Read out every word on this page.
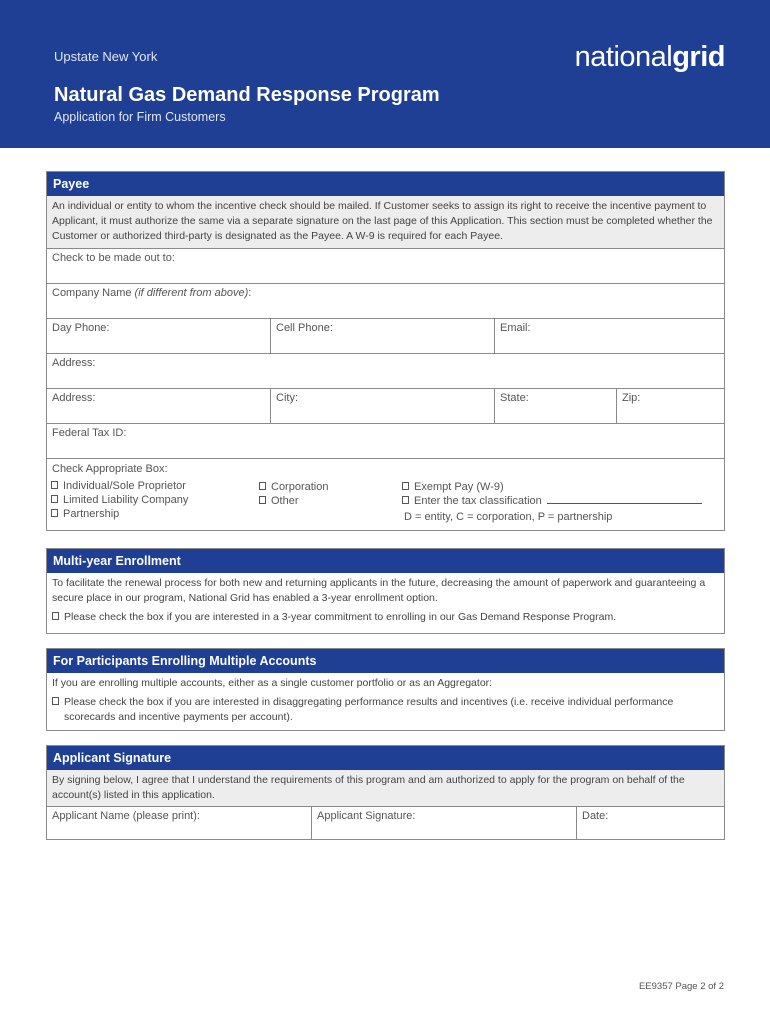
Upstate New York	nationalgrid
Natural Gas Demand Response Program
Application for Firm Customers
Payee
An individual or entity to whom the incentive check should be mailed. If Customer seeks to assign its right to receive the incentive payment to Applicant, it must authorize the same via a separate signature on the last page of this Application. This section must be completed whether the Customer or authorized third-party is designated as the Payee. A W-9 is required for each Payee.
Check to be made out to:
Company Name (if different from above):
Day Phone:	Cell Phone:	Email:
Address:
Address:	City:	State:	Zip:
Federal Tax ID:
Check Appropriate Box:
Individual/Sole Proprietor
Limited Liability Company
Partnership
Corporation
Other
Exempt Pay (W-9)
Enter the tax classification
D = entity, C = corporation, P = partnership
Multi-year Enrollment
To facilitate the renewal process for both new and returning applicants in the future, decreasing the amount of paperwork and guaranteeing a secure place in our program, National Grid has enabled a 3-year enrollment option.
Please check the box if you are interested in a 3-year commitment to enrolling in our Gas Demand Response Program.
For Participants Enrolling Multiple Accounts
If you are enrolling multiple accounts, either as a single customer portfolio or as an Aggregator:
Please check the box if you are interested in disaggregating performance results and incentives (i.e. receive individual performance scorecards and incentive payments per account).
Applicant Signature
By signing below, I agree that I understand the requirements of this program and am authorized to apply for the program on behalf of the account(s) listed in this application.
Applicant Name (please print):	Applicant Signature:	Date:
EE9357 Page 2 of 2
